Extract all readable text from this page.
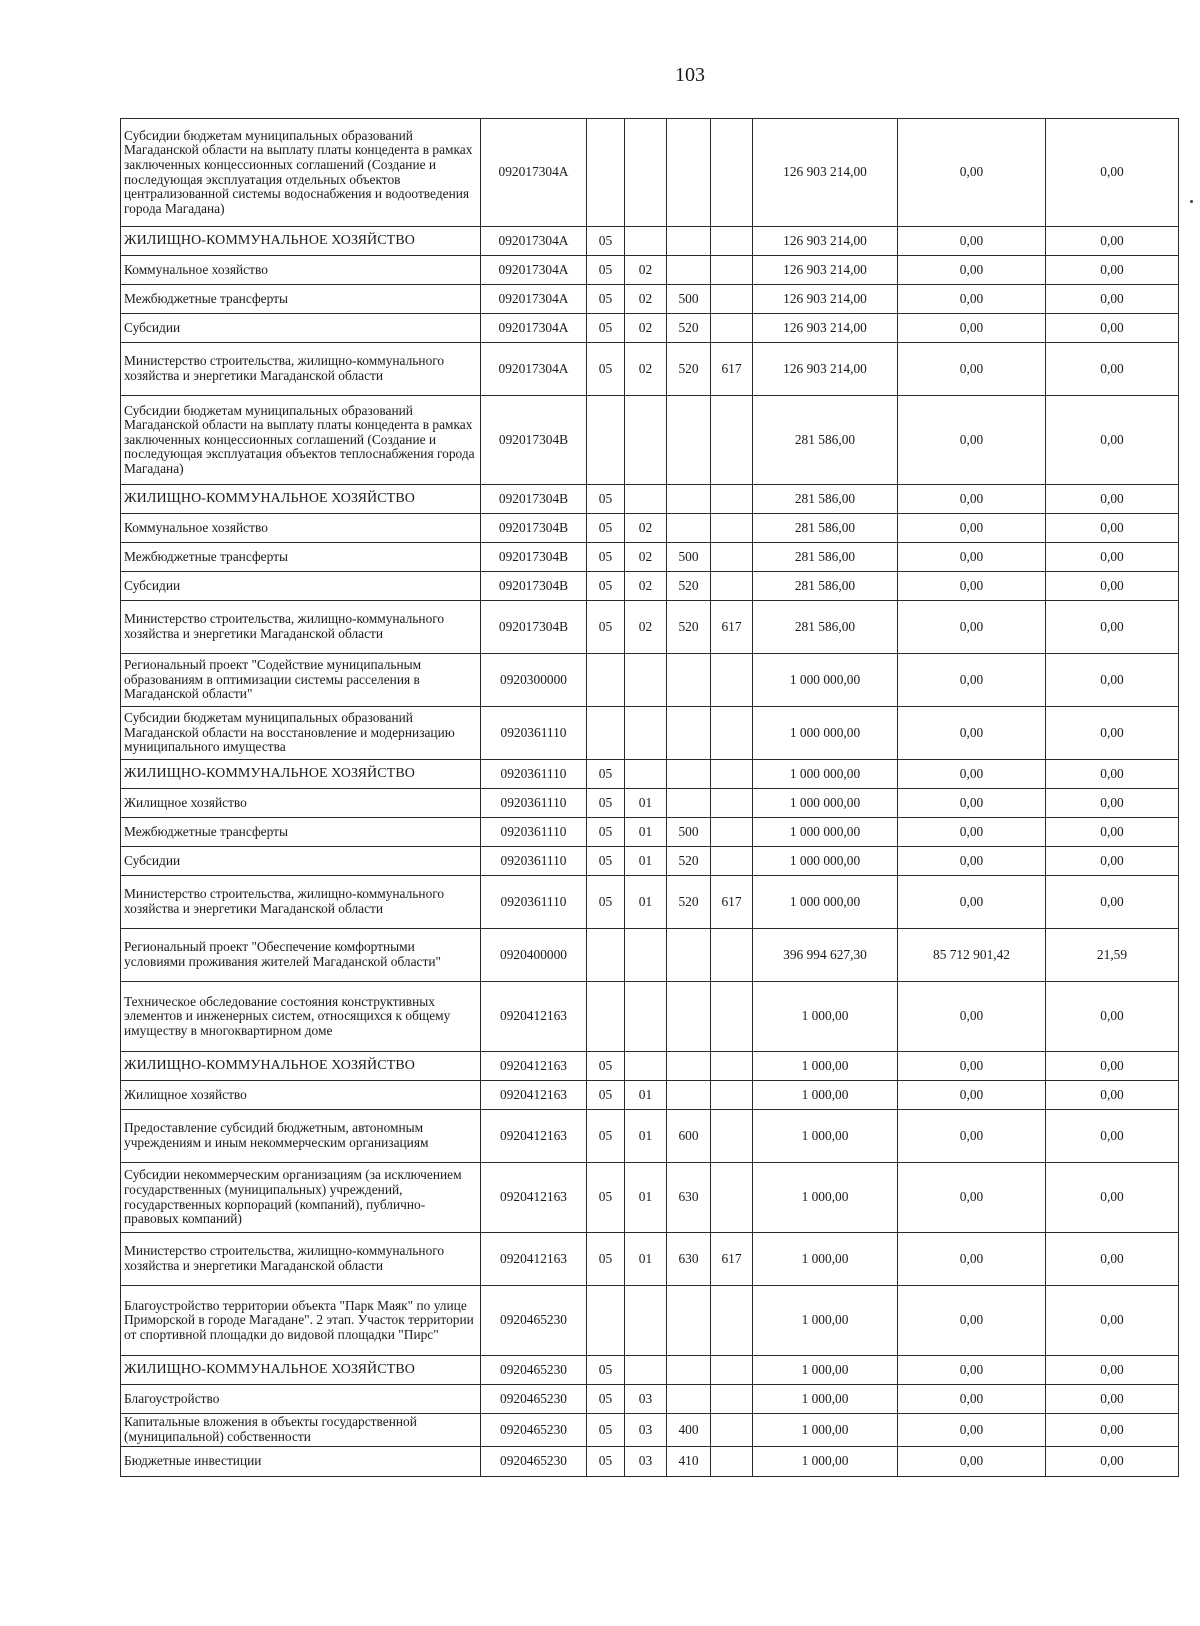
103
Субсидии бюджетам муниципальных образований Магаданской области на выплату платы концедента в рамках заключенных концессионных соглашений (Создание и последующая эксплуатация отдельных объектов централизованной системы водоснабжения и водоотведения города Магадана)	092017304А					126 903 214,00	0,00	0,00
ЖИЛИЩНО-КОММУНАЛЬНОЕ ХОЗЯЙСТВО	092017304А	05				126 903 214,00	0,00	0,00
Коммунальное хозяйство	092017304А	05	02			126 903 214,00	0,00	0,00
Межбюджетные трансферты	092017304А	05	02	500		126 903 214,00	0,00	0,00
Субсидии	092017304А	05	02	520		126 903 214,00	0,00	0,00
Министерство строительства, жилищно-коммунального хозяйства и энергетики Магаданской области	092017304А	05	02	520	617	126 903 214,00	0,00	0,00
Субсидии бюджетам муниципальных образований Магаданской области на выплату платы концедента в рамках заключенных концессионных соглашений (Создание и последующая эксплуатация объектов теплоснабжения города Магадана)	092017304В					281 586,00	0,00	0,00
ЖИЛИЩНО-КОММУНАЛЬНОЕ ХОЗЯЙСТВО	092017304В	05				281 586,00	0,00	0,00
Коммунальное хозяйство	092017304В	05	02			281 586,00	0,00	0,00
Межбюджетные трансферты	092017304В	05	02	500		281 586,00	0,00	0,00
Субсидии	092017304В	05	02	520		281 586,00	0,00	0,00
Министерство строительства, жилищно-коммунального хозяйства и энергетики Магаданской области	092017304В	05	02	520	617	281 586,00	0,00	0,00
Региональный проект "Содействие муниципальным образованиям в оптимизации системы расселения в Магаданской области"	0920300000					1 000 000,00	0,00	0,00
Субсидии бюджетам муниципальных образований Магаданской области на восстановление и модернизацию муниципального имущества	0920361110					1 000 000,00	0,00	0,00
ЖИЛИЩНО-КОММУНАЛЬНОЕ ХОЗЯЙСТВО	0920361110	05				1 000 000,00	0,00	0,00
Жилищное хозяйство	0920361110	05	01			1 000 000,00	0,00	0,00
Межбюджетные трансферты	0920361110	05	01	500		1 000 000,00	0,00	0,00
Субсидии	0920361110	05	01	520		1 000 000,00	0,00	0,00
Министерство строительства, жилищно-коммунального хозяйства и энергетики Магаданской области	0920361110	05	01	520	617	1 000 000,00	0,00	0,00
Региональный проект "Обеспечение комфортными условиями проживания жителей Магаданской области"	0920400000					396 994 627,30	85 712 901,42	21,59
Техническое обследование состояния конструктивных элементов и инженерных систем, относящихся к общему имуществу в многоквартирном доме	0920412163					1 000,00	0,00	0,00
ЖИЛИЩНО-КОММУНАЛЬНОЕ ХОЗЯЙСТВО	0920412163	05				1 000,00	0,00	0,00
Жилищное хозяйство	0920412163	05	01			1 000,00	0,00	0,00
Предоставление субсидий бюджетным, автономным учреждениям и иным некоммерческим организациям	0920412163	05	01	600		1 000,00	0,00	0,00
Субсидии некоммерческим организациям (за исключением государственных (муниципальных) учреждений, государственных корпораций (компаний), публично-правовых компаний)	0920412163	05	01	630		1 000,00	0,00	0,00
Министерство строительства, жилищно-коммунального хозяйства и энергетики Магаданской области	0920412163	05	01	630	617	1 000,00	0,00	0,00
Благоустройство территории объекта "Парк Маяк" по улице Приморской в городе Магадане". 2 этап. Участок территории от спортивной площадки до видовой площадки "Пирс"	0920465230					1 000,00	0,00	0,00
ЖИЛИЩНО-КОММУНАЛЬНОЕ ХОЗЯЙСТВО	0920465230	05				1 000,00	0,00	0,00
Благоустройство	0920465230	05	03			1 000,00	0,00	0,00
Капитальные вложения в объекты государственной (муниципальной) собственности	0920465230	05	03	400		1 000,00	0,00	0,00
Бюджетные инвестиции	0920465230	05	03	410		1 000,00	0,00	0,00
